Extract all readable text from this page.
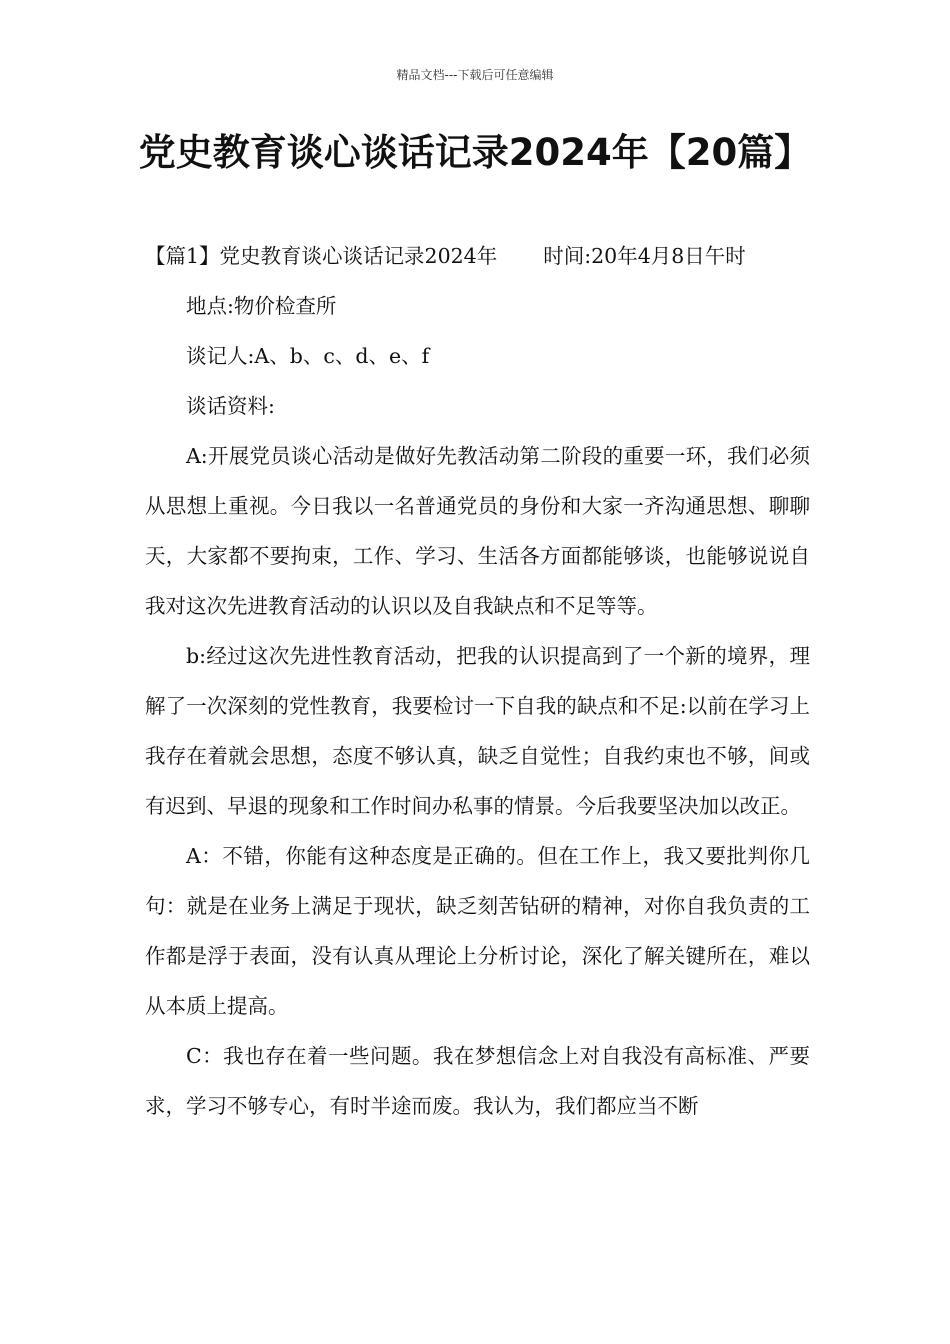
精品文档---下载后可任意编辑
党史教育谈心谈话记录2024年【20篇】
【篇1】党史教育谈心谈话记录2024年 时间:20年4月8日午时

地点:物价检查所

谈记人:A、b、c、d、e、f

谈话资料:

A:开展党员谈心活动是做好先教活动第二阶段的重要一环，我们必须从思想上重视。今日我以一名普通党员的身份和大家一齐沟通思想、聊聊天，大家都不要拘束，工作、学习、生活各方面都能够谈，也能够说说自我对这次先进教育活动的认识以及自我缺点和不足等等。

b:经过这次先进性教育活动，把我的认识提高到了一个新的境界，理解了一次深刻的党性教育，我要检讨一下自我的缺点和不足:以前在学习上我存在着就会思想，态度不够认真，缺乏自觉性；自我约束也不够，间或有迟到、早退的现象和工作时间办私事的情景。今后我要坚决加以改正。

A：不错，你能有这种态度是正确的。但在工作上，我又要批判你几句：就是在业务上满足于现状，缺乏刻苦钻研的精神，对你自我负责的工作都是浮于表面，没有认真从理论上分析讨论，深化了解关键所在，难以从本质上提高。

C：我也存在着一些问题。我在梦想信念上对自我没有高标准、严要求，学习不够专心，有时半途而废。我认为，我们都应当不断
